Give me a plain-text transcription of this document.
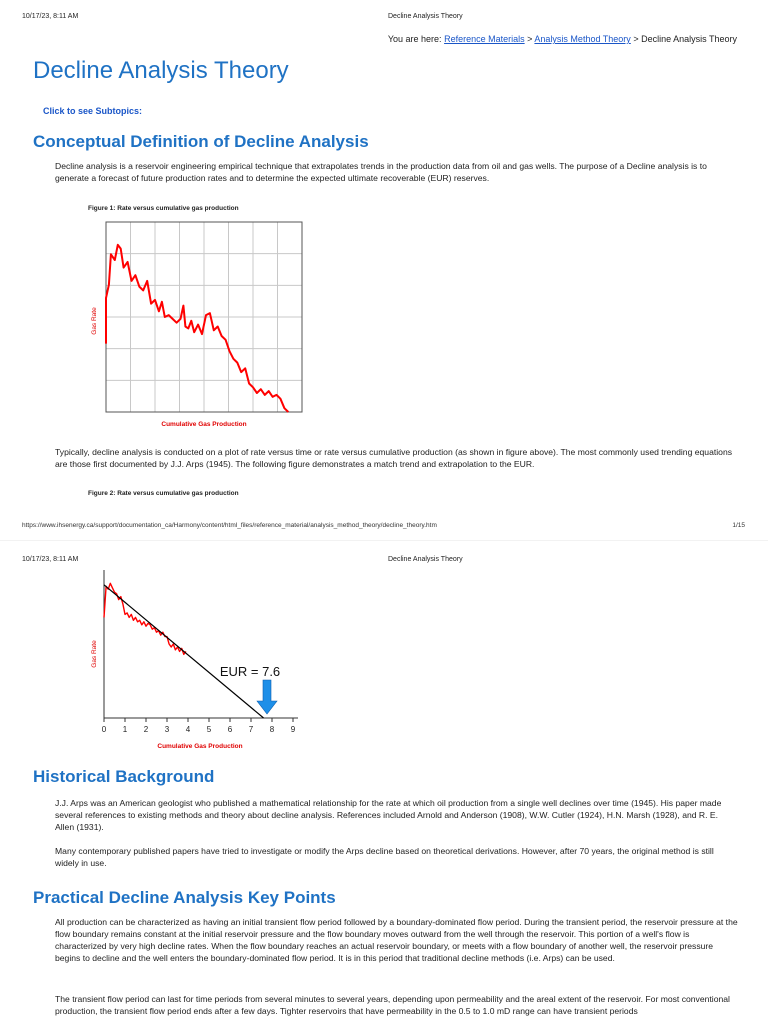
10/17/23, 8:11 AM	Decline Analysis Theory
You are here: Reference Materials > Analysis Method Theory > Decline Analysis Theory
Decline Analysis Theory
Click to see Subtopics:
Conceptual Definition of Decline Analysis

Decline analysis is a reservoir engineering empirical technique that extrapolates trends in the production data from oil and gas wells. The purpose of a Decline analysis is to generate a forecast of future production rates and to determine the expected ultimate recoverable (EUR) reserves.

Figure 1: Rate versus cumulative gas production
Gas Rate
Cumulative Gas Production

Typically, decline analysis is conducted on a plot of rate versus time or rate versus cumulative production (as shown in figure above). The most commonly used trending equations are those first documented by J.J. Arps (1945). The following figure demonstrates a match trend and extrapolation to the EUR.

Figure 2: Rate versus cumulative gas production
https://www.ihsenergy.ca/support/documentation_ca/Harmony/content/html_files/reference_material/analysis_method_theory/decline_theory.htm	1/15
10/17/23, 8:11 AM	Decline Analysis Theory
0 1 2 3 4 5 6 7 8 9
EUR = 7.6
Gas Rate
Cumulative Gas Production
Historical Background

J.J. Arps was an American geologist who published a mathematical relationship for the rate at which oil production from a single well declines over time (1945). His paper made several references to existing methods and theory about decline analysis. References included Arnold and Anderson (1908), W.W. Cutler (1924), H.N. Marsh (1928), and R. E. Allen (1931).

Many contemporary published papers have tried to investigate or modify the Arps decline based on theoretical derivations. However, after 70 years, the original method is still widely in use.

Practical Decline Analysis Key Points

All production can be characterized as having an initial transient flow period followed by a boundary-dominated flow period. During the transient period, the reservoir pressure at the flow boundary remains constant at the initial reservoir pressure and the flow boundary moves outward from the well through the reservoir. This portion of a well's flow is characterized by very high decline rates. When the flow boundary reaches an actual reservoir boundary, or meets with a flow boundary of another well, the reservoir pressure begins to decline and the well enters the boundary-dominated flow period. It is in this period that traditional decline methods (i.e. Arps) can be used.

The transient flow period can last for time periods from several minutes to several years, depending upon permeability and the areal extent of the reservoir. For most conventional production, the transient flow period ends after a few days. Tighter reservoirs that have permeability in the 0.5 to 1.0 mD range can have transient periods
